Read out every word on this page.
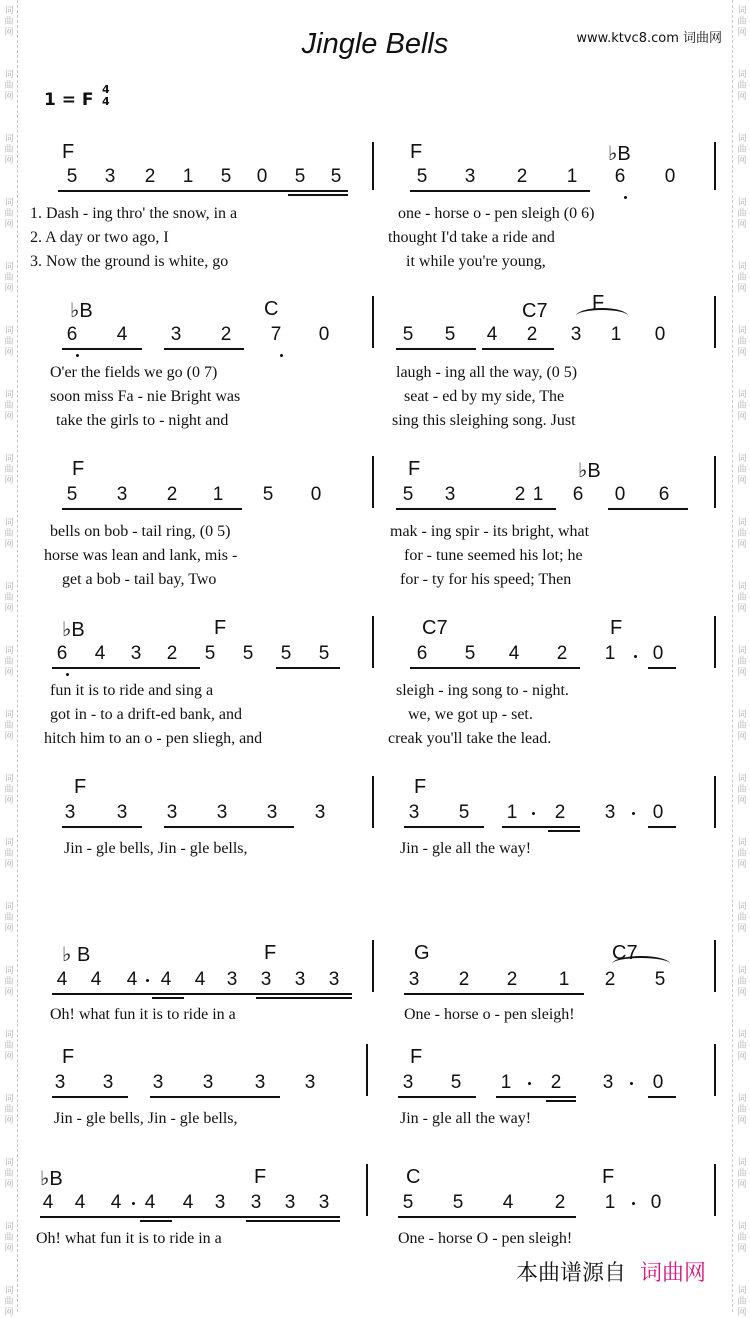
词
曲
网
词
曲
网
词
曲
网
词
曲
网
词
曲
网
词
曲
网
词
曲
网
词
曲
网
词
曲
网
词
曲
网
词
曲
网
词
曲
网
词
曲
网
词
曲
网
词
曲
网
词
曲
网
词
曲
网
词
曲
网
词
曲
网
词
曲
网
词
曲
网
词
曲
网
词
曲
网
词
曲
网
词
曲
网
词
曲
网
词
曲
网
词
曲
网
词
曲
网
词
曲
网
词
曲
网
词
曲
网
词
曲
网
词
曲
网
词
曲
网
词
曲
网
词
曲
网
词
曲
网
词
曲
网
词
曲
网
词
曲
网
词
曲
网
Jingle Bells	www.ktvc8.com 词曲网
1 = F
4
4
F	F	♭B
5 3 2 1 5 0 5 5	5 3 2 1 6 0
1. Dash - ing thro' the snow, in a	one - horse o - pen sleigh (0 6)
2. A day or two ago, I	thought I'd take a ride and
3. Now the ground is white, go	it while you're young,
♭B	C	C7 F
6 4 3 2 7 0	5 5 4 2 3 1 0
O'er the fields we go (0 7)	laugh - ing all the way, (0 5)
soon miss Fa - nie Bright was	seat - ed by my side, The
take the girls to - night and	sing this sleighing song. Just
F	F	♭B
5 3 2 1 5 0	5 3	2 1 6 0 6
bells on bob - tail ring, (0 5)	mak - ing spir - its bright, what
horse was lean and lank, mis -	for - tune seemed his lot; he
get a bob - tail bay, Two	for - ty for his speed; Then
♭B	F	C7	F
6 4 3 2 5 5 5 5	6 5 4 2 1 0
fun it is to ride and sing a	sleigh - ing song to - night.
got in - to a drift-ed bank, and	we, we got up - set.
hitch him to an o - pen sliegh, and	creak you'll take the lead.
F	F
3 3 3 3 3 3	3 5 1 2 3 0
Jin - gle bells, Jin - gle bells,	Jin - gle all the way!
♭ B	F	G	C7
4 4 4 4 4 3 3 3 3	3 2 2 1 2 5
Oh! what fun it is to ride in a	One - horse o - pen sleigh!
F	F
3 3 3 3 3 3	3 5 1 2 3 0
Jin - gle bells, Jin - gle bells,	Jin - gle all the way!
♭B	F	C	F
4 4 4 4 4 3 3 3 3	5 5 4 2 1 0
Oh! what fun it is to ride in a	One - horse O - pen sleigh!
本曲谱源自 词曲网
